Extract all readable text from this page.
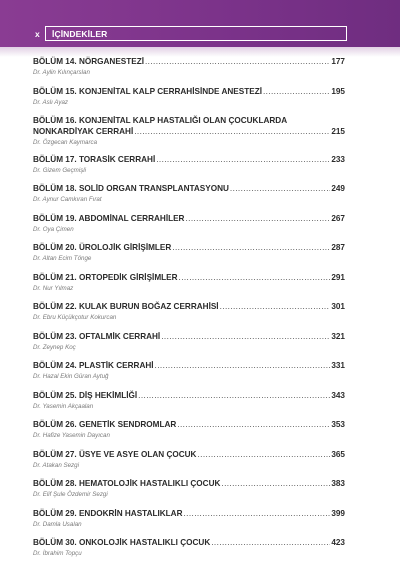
x İÇİNDEKİLER
BÖLÜM 14. NÖRGANESTEZİ .....	177
Dr. Aylin Kılınçarslan
BÖLÜM 15. KONJENİTAL KALP CERRAHİSİNDE ANESTEZİ .....	195
Dr. Aslı Ayaz
BÖLÜM 16. KONJENİTAL KALP HASTALIĞI OLAN ÇOCUKLARDA
NONKARDİYAK CERRAHİ .....	215
Dr. Özgecan Kaymarca
BÖLÜM 17. TORASİK CERRAHİ .....	233
Dr. Gizem Geçmişli
BÖLÜM 18. SOLİD ORGAN TRANSPLANTASYONU .....	249
Dr. Aynur Camkıran Fırat
BÖLÜM 19. ABDOMİNAL CERRAHİLER .....	267
Dr. Oya Çimen
BÖLÜM 20. ÜROLOJİK GİRİŞİMLER .....	287
Dr. Altan Ecim Tönge
BÖLÜM 21. ORTOPEDİK GİRİŞİMLER .....	291
Dr. Nur Yılmaz
BÖLÜM 22. KULAK BURUN BOĞAZ CERRAHİSİ .....	301
Dr. Ebru Küçükçotur Kokurcan
BÖLÜM 23. OFTALMİK CERRAHİ .....	321
Dr. Zeynep Koç
BÖLÜM 24. PLASTİK CERRAHİ .....	331
Dr. Hazal Ekin Güran Aytuğ
BÖLÜM 25. DİŞ HEKİMLİĞİ .....	343
Dr. Yasemin Akçaalan
BÖLÜM 26. GENETİK SENDROMLAR .....	353
Dr. Hafize Yasemin Dayıcan
BÖLÜM 27. ÜSYE VE ASYE OLAN ÇOCUK .....	365
Dr. Atakan Sezgi
BÖLÜM 28. HEMATOLOJİK HASTALIKLI ÇOCUK .....	383
Dr. Elif Şule Özdemir Sezgi
BÖLÜM 29. ENDOKRİN HASTALIKLAR .....	399
Dr. Damla Usalan
BÖLÜM 30. ONKOLOJİK HASTALIKLI ÇOCUK .....	423
Dr. İbrahim Topçu
